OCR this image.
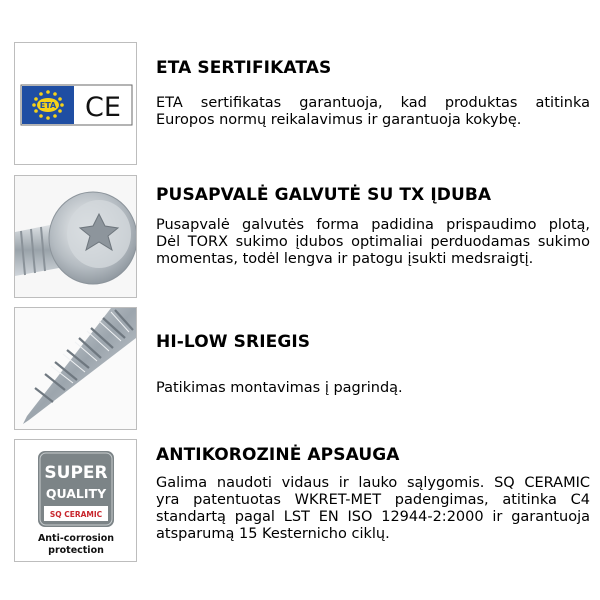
ETA CE
ETA SERTIFIKATAS
ETA sertifikatas garantuoja, kad produktas atitinka
Europos normų reikalavimus ir garantuoja kokybę.
PUSAPVALĖ GALVUTĖ SU TX ĮDUBA
Pusapvalė galvutės forma padidina prispaudimo plotą,
Dėl TORX sukimo įdubos optimaliai perduodamas sukimo
momentas, todėl lengva ir patogu įsukti medsraigtį.
HI-LOW SRIEGIS
Patikimas montavimas į pagrindą.
SUPER
QUALITY
SQ CERAMIC
Anti-corrosion
protection
ANTIKOROZINĖ APSAUGA
Galima naudoti vidaus ir lauko sąlygomis. SQ CERAMIC
yra patentuotas WKRET-MET padengimas, atitinka C4
standartą pagal LST EN ISO 12944-2:2000 ir garantuoja
atsparumą 15 Kesternicho ciklų.
